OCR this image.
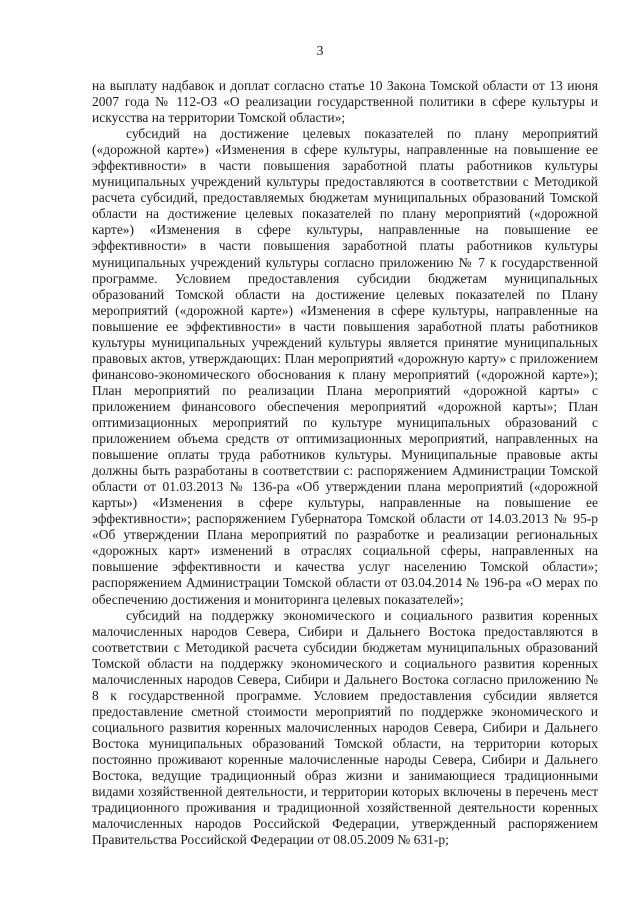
3

на выплату надбавок и доплат согласно статье 10 Закона Томской области от 13 июня 2007 года № 112-ОЗ «О реализации государственной политики в сфере культуры и искусства на территории Томской области»;

субсидий на достижение целевых показателей по плану мероприятий («дорожной карте») «Изменения в сфере культуры, направленные на повышение ее эффективности» в части повышения заработной платы работников культуры муниципальных учреждений культуры предоставляются в соответствии с Методикой расчета субсидий, предоставляемых бюджетам муниципальных образований Томской области на достижение целевых показателей по плану мероприятий («дорожной карте») «Изменения в сфере культуры, направленные на повышение ее эффективности» в части повышения заработной платы работников культуры муниципальных учреждений культуры согласно приложению № 7 к государственной программе. Условием предоставления субсидии бюджетам муниципальных образований Томской области на достижение целевых показателей по Плану мероприятий («дорожной карте») «Изменения в сфере культуры, направленные на повышение ее эффективности» в части повышения заработной платы работников культуры муниципальных учреждений культуры является принятие муниципальных правовых актов, утверждающих: План мероприятий «дорожную карту» с приложением финансово-экономического обоснования к плану мероприятий («дорожной карте»); План мероприятий по реализации Плана мероприятий «дорожной карты» с приложением финансового обеспечения мероприятий «дорожной карты»; План оптимизационных мероприятий по культуре муниципальных образований с приложением объема средств от оптимизационных мероприятий, направленных на повышение оплаты труда работников культуры. Муниципальные правовые акты должны быть разработаны в соответствии с: распоряжением Администрации Томской области от 01.03.2013 № 136-ра «Об утверждении плана мероприятий («дорожной карты») «Изменения в сфере культуры, направленные на повышение ее эффективности»; распоряжением Губернатора Томской области от 14.03.2013 № 95-р «Об утверждении Плана мероприятий по разработке и реализации региональных «дорожных карт» изменений в отраслях социальной сферы, направленных на повышение эффективности и качества услуг населению Томской области»; распоряжением Администрации Томской области от 03.04.2014 № 196-ра «О мерах по обеспечению достижения и мониторинга целевых показателей»;

субсидий на поддержку экономического и социального развития коренных малочисленных народов Севера, Сибири и Дальнего Востока предоставляются в соответствии с Методикой расчета субсидии бюджетам муниципальных образований Томской области на поддержку экономического и социального развития коренных малочисленных народов Севера, Сибири и Дальнего Востока согласно приложению № 8 к государственной программе. Условием предоставления субсидии является предоставление сметной стоимости мероприятий по поддержке экономического и социального развития коренных малочисленных народов Севера, Сибири и Дальнего Востока муниципальных образований Томской области, на территории которых постоянно проживают коренные малочисленные народы Севера, Сибири и Дальнего Востока, ведущие традиционный образ жизни и занимающиеся традиционными видами хозяйственной деятельности, и территории которых включены в перечень мест традиционного проживания и традиционной хозяйственной деятельности коренных малочисленных народов Российской Федерации, утвержденный распоряжением Правительства Российской Федерации от 08.05.2009 № 631-р;
